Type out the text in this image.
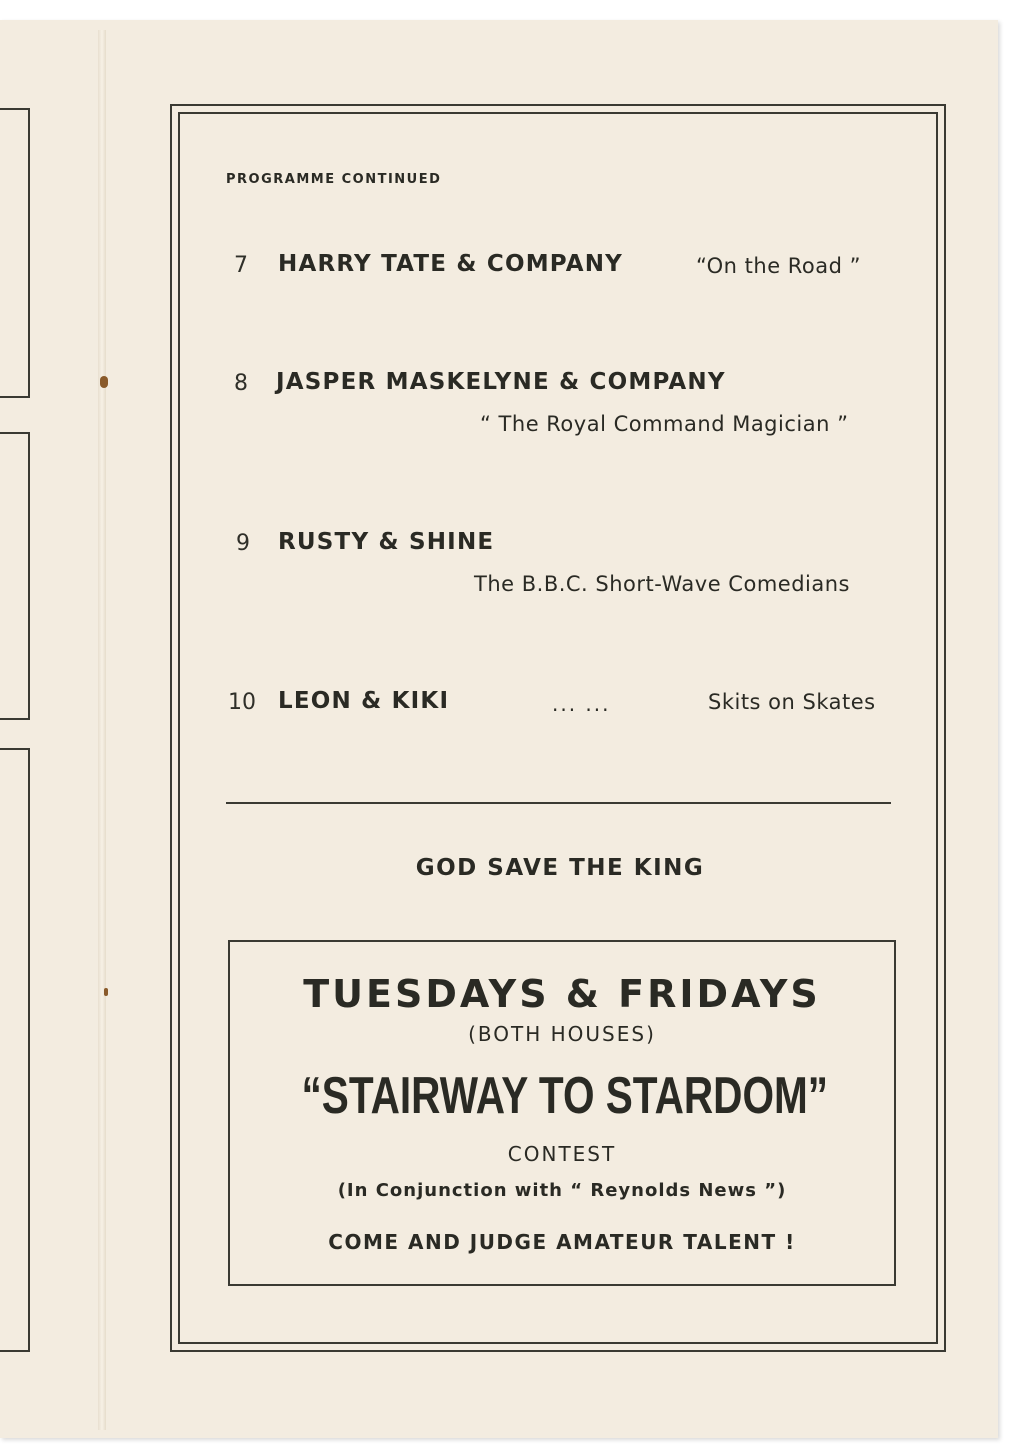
PROGRAMME CONTINUED
7 HARRY TATE & COMPANY	“On the Road ”
8 JASPER MASKELYNE & COMPANY
“ The Royal Command Magician ”
9 RUSTY & SHINE
The B.B.C. Short-Wave Comedians
10 LEON & KIKI	... ...	Skits on Skates
GOD SAVE THE KING
TUESDAYS & FRIDAYS
(BOTH HOUSES)
“STAIRWAY TO STARDOM”
CONTEST
(In Conjunction with “ Reynolds News ”)
COME AND JUDGE AMATEUR TALENT !
